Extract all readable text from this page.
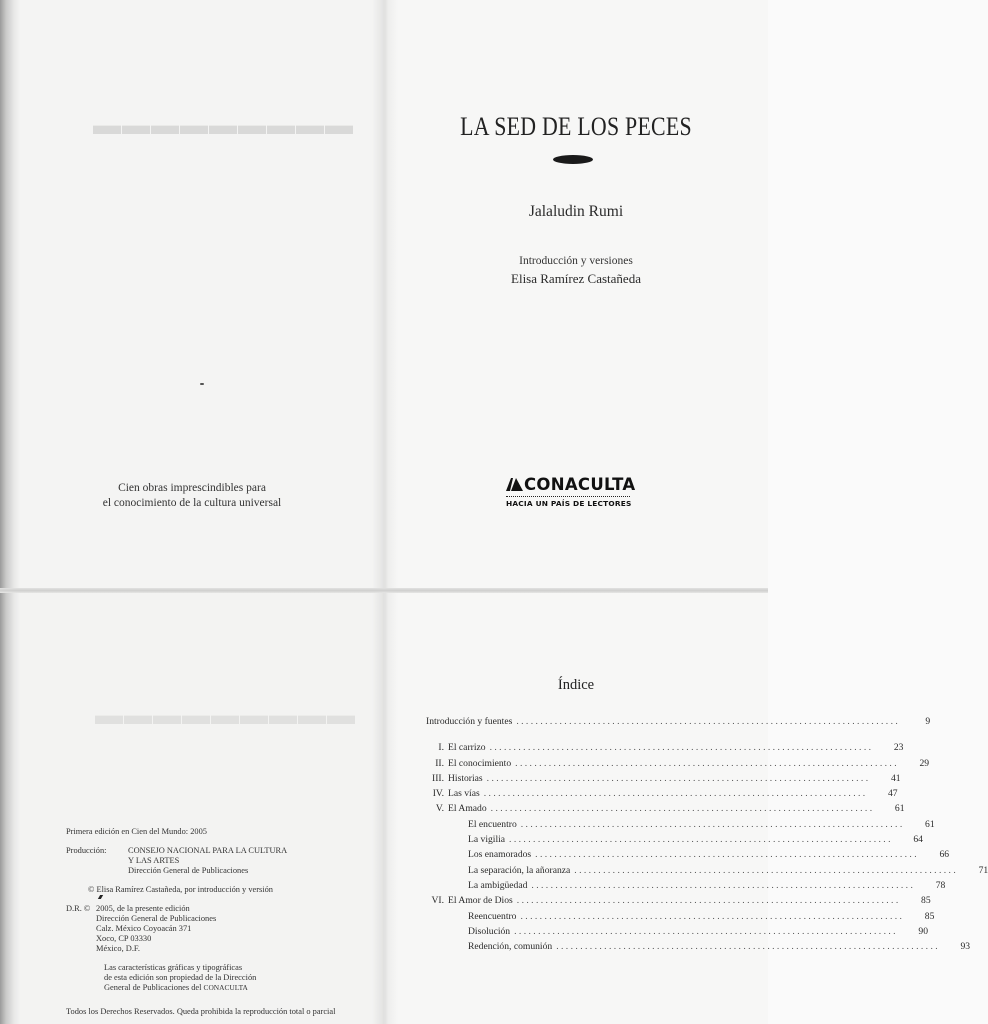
▬▬▬▬▬▬▬▬▬
Cien obras imprescindibles para
el conocimiento de la cultura universal
LA SED DE LOS PECES
Jalaludin Rumi
Introducción y versiones
Elisa Ramírez Castañeda
CONACULTA
HACIA UN PAÍS DE LECTORES
▬▬▬▬▬▬▬▬▬
Primera edición en Cien del Mundo: 2005
Producción:	CONSEJO NACIONAL PARA LA CULTURA
Y LAS ARTES
Dirección General de Publicaciones
© Elisa Ramírez Castañeda, por introducción y versión
D.R. © 2005, de la presente edición
Dirección General de Publicaciones
Calz. México Coyoacán 371
Xoco, CP 03330
México, D.F.
Las características gráficas y tipográficas
de esta edición son propiedad de la Dirección
General de Publicaciones del CONACULTA
Todos los Derechos Reservados. Queda prohibida la reproducción total o parcial
Índice
Introducción y fuentes ................................................................................	9
I. El carrizo ................................................................................	23
II. El conocimiento ................................................................................	29
III. Historias ................................................................................	41
IV. Las vías ................................................................................	47
V. El Amado ................................................................................	61
El encuentro ................................................................................	61
La vigilia ................................................................................	64
Los enamorados ................................................................................	66
La separación, la añoranza ................................................................................	71
La ambigüedad ................................................................................	78
VI. El Amor de Dios ................................................................................	85
Reencuentro ................................................................................	85
Disolución ................................................................................	90
Redención, comunión ................................................................................	93
